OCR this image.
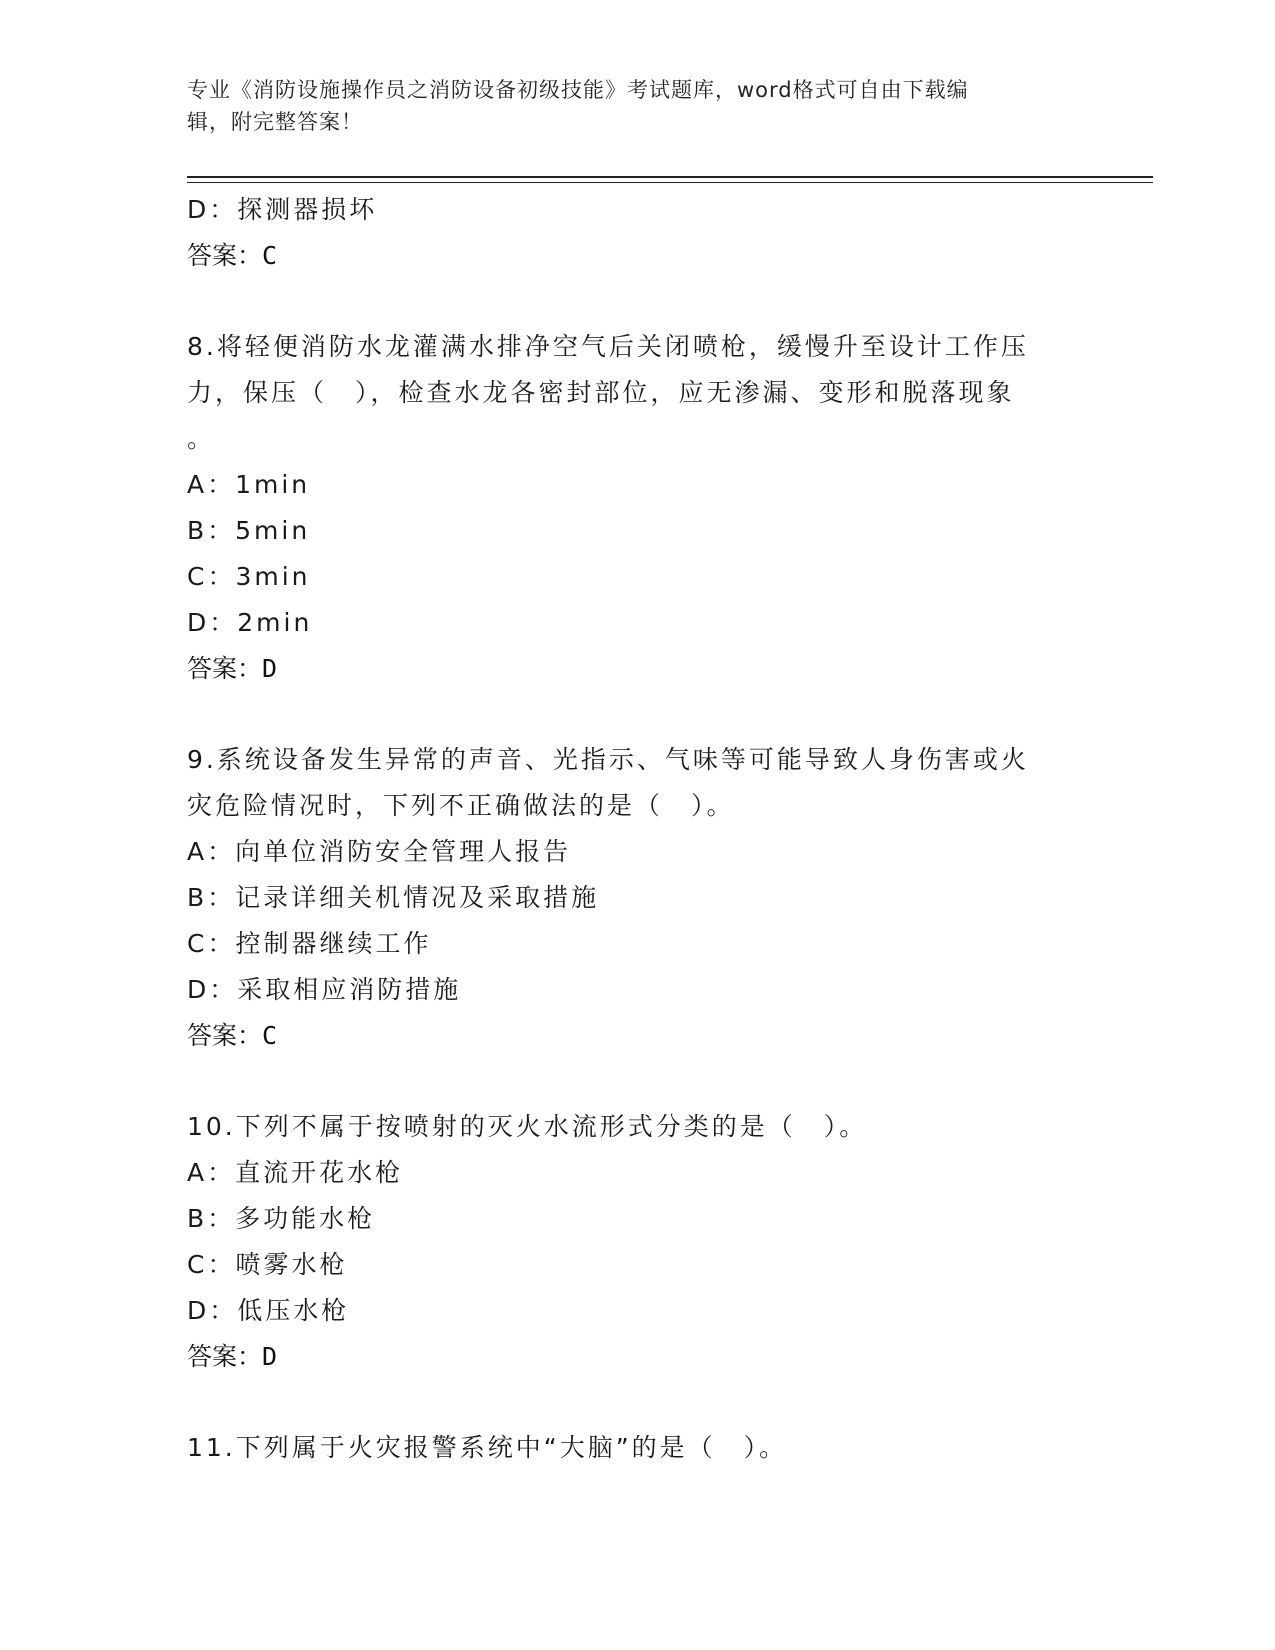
专业《消防设施操作员之消防设备初级技能》考试题库，word格式可自由下载编
辑，附完整答案！
D：探测器损坏
答案：C
8.将轻便消防水龙灌满水排净空气后关闭喷枪，缓慢升至设计工作压
力，保压（　），检查水龙各密封部位，应无渗漏、变形和脱落现象
。
A：1min
B：5min
C：3min
D：2min
答案：D
9.系统设备发生异常的声音、光指示、气味等可能导致人身伤害或火
灾危险情况时，下列不正确做法的是（　）。
A：向单位消防安全管理人报告
B：记录详细关机情况及采取措施
C：控制器继续工作
D：采取相应消防措施
答案：C
10.下列不属于按喷射的灭火水流形式分类的是（　）。
A：直流开花水枪
B：多功能水枪
C：喷雾水枪
D：低压水枪
答案：D
11.下列属于火灾报警系统中“大脑”的是（　）。
